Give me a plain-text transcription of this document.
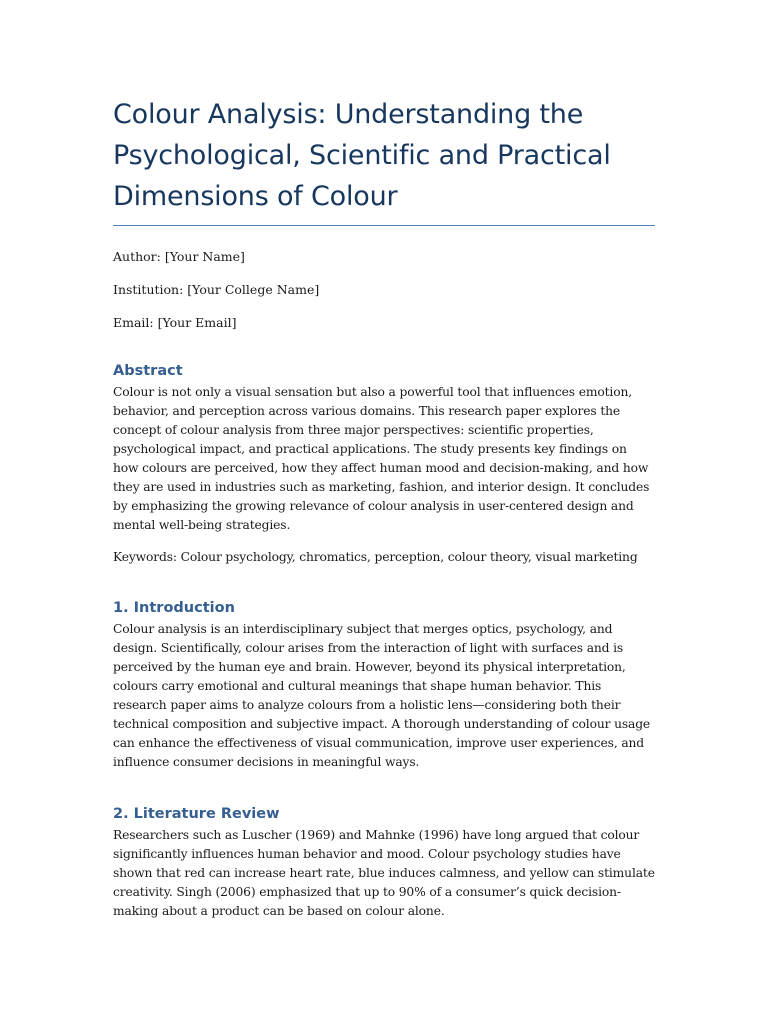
Colour Analysis: Understanding the Psychological, Scientific and Practical Dimensions of Colour

Author: [Your Name]

Institution: [Your College Name]

Email: [Your Email]

Abstract

Colour is not only a visual sensation but also a powerful tool that influences emotion, behavior, and perception across various domains. This research paper explores the concept of colour analysis from three major perspectives: scientific properties, psychological impact, and practical applications. The study presents key findings on how colours are perceived, how they affect human mood and decision-making, and how they are used in industries such as marketing, fashion, and interior design. It concludes by emphasizing the growing relevance of colour analysis in user-centered design and mental well-being strategies.

Keywords: Colour psychology, chromatics, perception, colour theory, visual marketing

1. Introduction

Colour analysis is an interdisciplinary subject that merges optics, psychology, and design. Scientifically, colour arises from the interaction of light with surfaces and is perceived by the human eye and brain. However, beyond its physical interpretation, colours carry emotional and cultural meanings that shape human behavior. This research paper aims to analyze colours from a holistic lens—considering both their technical composition and subjective impact. A thorough understanding of colour usage can enhance the effectiveness of visual communication, improve user experiences, and influence consumer decisions in meaningful ways.

2. Literature Review

Researchers such as Luscher (1969) and Mahnke (1996) have long argued that colour significantly influences human behavior and mood. Colour psychology studies have shown that red can increase heart rate, blue induces calmness, and yellow can stimulate creativity. Singh (2006) emphasized that up to 90% of a consumer’s quick decision-making about a product can be based on colour alone.
